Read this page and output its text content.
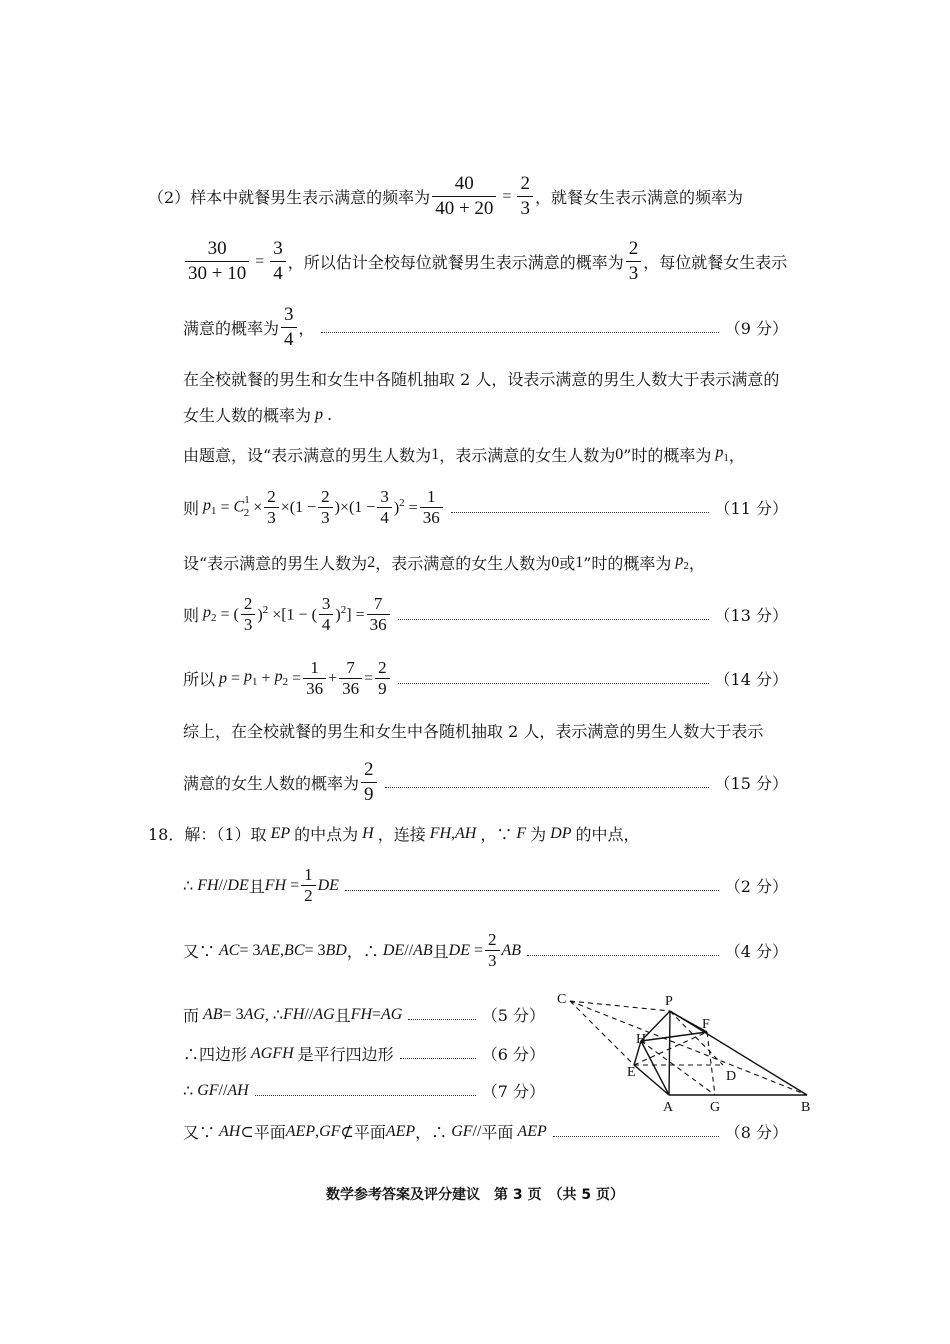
（2）样本中就餐男生表示满意的频率为 $\frac{40}{40 + 20} = \frac{2}{3}$ ，就餐女生表示满意的频率为
$\frac{30}{30 + 10} = \frac{3}{4}$ ，所以估计全校每位就餐男生表示满意的概率为 $\frac{2}{3}$ ，每位就餐女生表示
满意的概率为 $\frac{3}{4}$ ，	（9 分）
在全校就餐的男生和女生中各随机抽取 2 人，设表示满意的男生人数大于表示满意的
女生人数的概率为 p .
由题意，设“表示满意的男生人数为 1 ，表示满意的女生人数为 0 ”时的概率为 $p_1$ ，
则 $p_1 = C^1_2 \times \frac{2}{3} \times(1 - \frac{2}{3} )\times(1 - \frac{3}{4} )^2 = \frac{1}{36}$	（11 分）
设“表示满意的男生人数为 2 ，表示满意的女生人数为 0 或 1 ”时的概率为 $p_2$ ，
则 $p_2$ = ( $\frac{2}{3} )^2 \times[1$ − ( $\frac{3}{4} )^2] = \frac{7}{36}$	（13 分）
所以 $p = p_1 + p_2 = \frac{1}{36} + \frac{7}{36} = \frac{2}{9}$	（14 分）
综上，在全校就餐的男生和女生中各随机抽取 2 人，表示满意的男生人数大于表示
满意的女生人数的概率为 $\frac{2}{9}$	（15 分）
18． 解：（1）取 EP 的中点为 H ，连接 FH , AH ，∵ F 为 DP 的中点，
∴ FH // DE 且 FH = $\frac{1}{2}$ DE	（2 分）
又∵ AC = 3 AE , BC = 3 BD ，∴ DE // AB 且 DE = $\frac{2}{3}$ AB	（4 分）
而 AB = 3 AG , ∴ FH // AG 且 FH = AG	（5 分）
∴四边形 AGFH 是平行四边形	（6 分）
∴ GF // AH	（7 分）
又∵ AH ⊂ 平面 AEP , GF ⊄ 平面 AEP ，∴ GF // 平面 AEP	（8 分）
C	P
F
H
E	D
A	G	B
数学参考答案及评分建议　第 3 页　（共 5 页）
